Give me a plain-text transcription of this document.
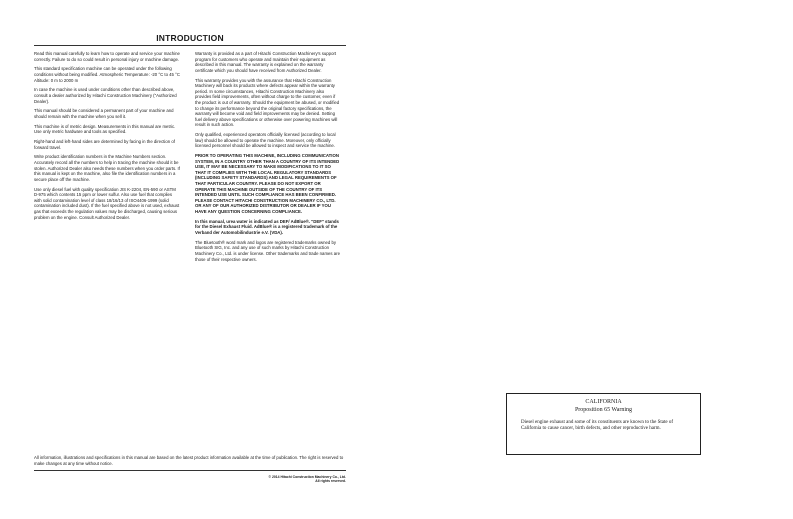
INTRODUCTION

Read this manual carefully to learn how to operate and service your machine correctly. Failure to do so could result in personal injury or machine damage.

This standard specification machine can be operated under the following conditions without being modified. Atmospheric Temperature: -20 °C to 45 °C Altitude: 0 m to 2000 m

In case the machine is used under conditions other than described above, consult a dealer authorized by Hitachi Construction Machinery ("Authorized Dealer).

This manual should be considered a permanent part of your machine and should remain with the machine when you sell it.

This machine is of metric design. Measurements in this manual are metric. Use only metric hardware and tools as specified.

Right-hand and left-hand sides are determined by facing in the direction of forward travel.

Write product identification numbers in the Machine Numbers section. Accurately record all the numbers to help in tracing the machine should it be stolen. Authorized Dealer also needs these numbers when you order parts. If this manual is kept on the machine, also file the identification numbers in a secure place off the machine.

Use only diesel fuel with quality specification JIS K-2204, EN-590 or ASTM D-975 which contents 15 ppm or lower sulfur. Also use fuel that complies with solid contamination level of class 18/16/13 of ISO4406-1999 (solid contamination included dust). If the fuel specified above is not used, exhaust gas that exceeds the regulation values may be discharged, causing serious problem on the engine. Consult Authorized Dealer.

Warranty is provided as a part of Hitachi Construction Machinery's support program for customers who operate and maintain their equipment as described in this manual. The warranty is explained on the warranty certificate which you should have received from Authorized Dealer.

This warranty provides you with the assurance that Hitachi Construction Machinery will back its products where defects appear within the warranty period. In some circumstances, Hitachi Construction Machinery also provides field improvements, often without charge to the customer, even if the product is out of warranty. Should the equipment be abused, or modified to change its performance beyond the original factory specifications, the warranty will become void and field improvements may be denied. Setting fuel delivery above specifications or otherwise over powering machines will result in such action.

Only qualified, experienced operators officially licensed (according to local law) should be allowed to operate the machine. Moreover, only officially licensed personnel should be allowed to inspect and service the machine.

PRIOR TO OPERATING THIS MACHINE, INCLUDING COMMUNICATION SYSTEM, IN A COUNTRY OTHER THAN A COUNTRY OF ITS INTENDED USE, IT MAY BE NECESSARY TO MAKE MODIFICATIONS TO IT SO THAT IT COMPLIES WITH THE LOCAL REGULATORY STANDARDS (INCLUDING SAFETY STANDARDS) AND LEGAL REQUIREMENTS OF THAT PARTICULAR COUNTRY. PLEASE DO NOT EXPORT OR OPERATE THIS MACHINE OUTSIDE OF THE COUNTRY OF ITS INTENDED USE UNTIL SUCH COMPLIANCE HAS BEEN CONFIRMED. PLEASE CONTACT HITACHI CONSTRUCTION MACHINERY CO., LTD. OR ANY OF OUR AUTHORIZED DISTRIBUTOR OR DEALER IF YOU HAVE ANY QUESTION CONCERNING COMPLIANCE.

In this manual, urea water is indicated as DEF/ AdBlue®. "DEF" stands for the Diesel Exhaust Fluid. AdBlue® is a registered trademark of the Verband der Automobilindustrie e.V. (VDA).

The Bluetooth® word mark and logos are registered trademarks owned by Bluetooth SIG, Inc. and any use of such marks by Hitachi Construction Machinery Co., Ltd. is under license. Other trademarks and trade names are those of their respective owners.

All information, illustrations and specifications in this manual are based on the latest product information available at the time of publication. The right is reserved to make changes at any time without notice.
© 2014 Hitachi Construction Machinery Co., Ltd.
All rights reserved.
CALIFORNIA
Proposition 65 Warning
Diesel engine exhaust and some of its constituents are known to the State of California to cause cancer, birth defects, and other reproductive harm.
